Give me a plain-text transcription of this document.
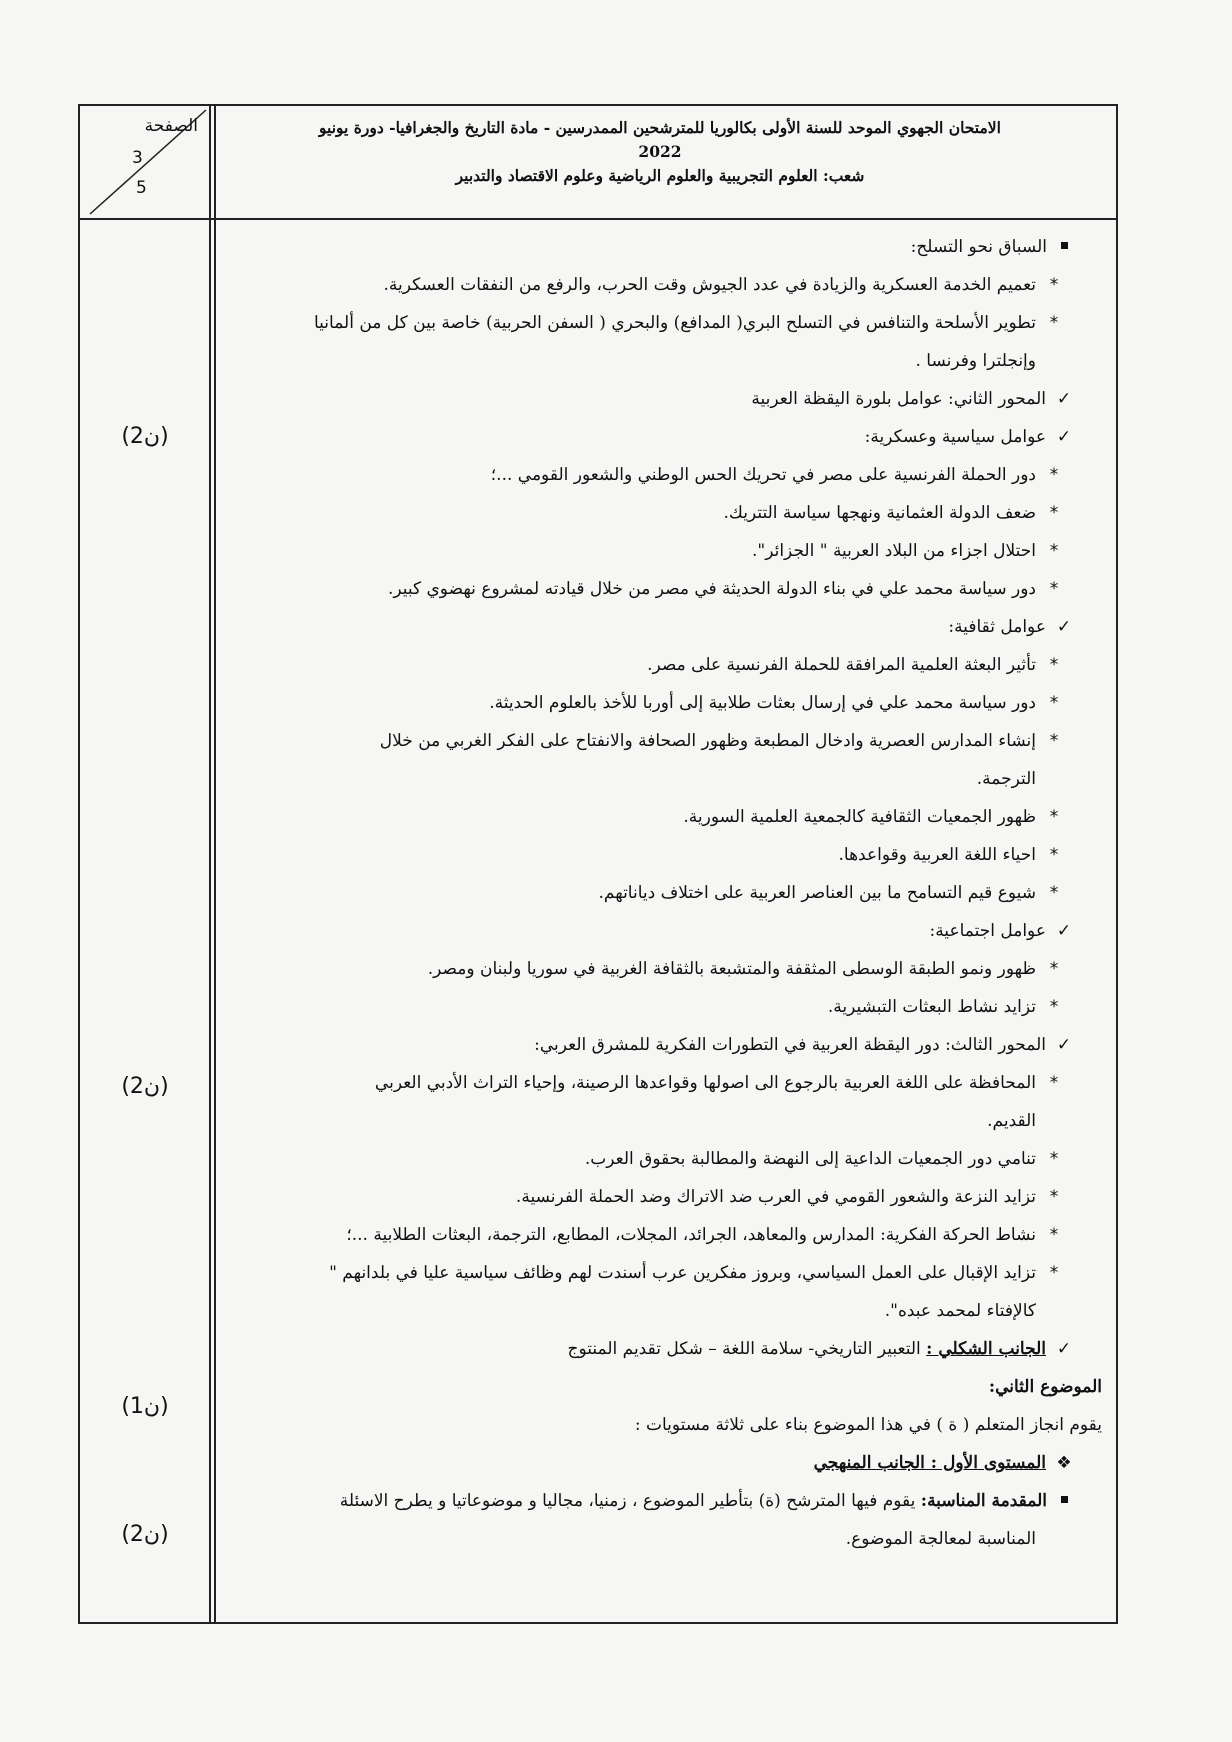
الصفحة
3
5
الامتحان الجهوي الموحد للسنة الأولى بكالوريا للمترشحين الممدرسين - مادة التاريخ والجغرافيا- دورة يونيو
2022
شعب: العلوم التجريبية والعلوم الرياضية وعلوم الاقتصاد والتدبير
(ن2)
(ن2)
(ن1)
(ن2)
السباق نحو التسلح:
*تعميم الخدمة العسكرية والزيادة في عدد الجيوش وقت الحرب، والرفع من النفقات العسكرية.
*تطوير الأسلحة والتنافس في التسلح البري( المدافع) والبحري ( السفن الحربية) خاصة بين كل من ألمانيا
وإنجلترا وفرنسا .
✓المحور الثاني: عوامل بلورة اليقظة العربية
✓عوامل سياسية وعسكرية:
*دور الحملة الفرنسية على مصر في تحريك الحس الوطني والشعور القومي ...؛
*ضعف الدولة العثمانية ونهجها سياسة التتريك.
*احتلال اجزاء من البلاد العربية " الجزائر".
*دور سياسة محمد علي في بناء الدولة الحديثة في مصر من خلال قيادته لمشروع نهضوي كبير.
✓عوامل ثقافية:
*تأثير البعثة العلمية المرافقة للحملة الفرنسية على مصر.
*دور سياسة محمد علي في إرسال بعثات طلابية إلى أوربا للأخذ بالعلوم الحديثة.
*إنشاء المدارس العصرية وادخال المطبعة وظهور الصحافة والانفتاح على الفكر الغربي من خلال
الترجمة.
*ظهور الجمعيات الثقافية كالجمعية العلمية السورية.
*احياء اللغة العربية وقواعدها.
*شيوع قيم التسامح ما بين العناصر العربية على اختلاف دياناتهم.
✓عوامل اجتماعية:
*ظهور ونمو الطبقة الوسطى المثقفة والمتشبعة بالثقافة الغربية في سوريا ولبنان ومصر.
*تزايد نشاط البعثات التبشيرية.
✓المحور الثالث: دور اليقظة العربية في التطورات الفكرية للمشرق العربي:
*المحافظة على اللغة العربية بالرجوع الى اصولها وقواعدها الرصينة، وإحياء التراث الأدبي العربي
القديم.
*تنامي دور الجمعيات الداعية إلى النهضة والمطالبة بحقوق العرب.
*تزايد النزعة والشعور القومي في العرب ضد الاتراك وضد الحملة الفرنسية.
*نشاط الحركة الفكرية: المدارس والمعاهد، الجرائد، المجلات، المطابع، الترجمة، البعثات الطلابية ...؛
*تزايد الإقبال على العمل السياسي، وبروز مفكرين عرب أسندت لهم وظائف سياسية عليا في بلدانهم "
كالإفتاء لمحمد عبده".
✓الجانب الشكلي : التعبير التاريخي- سلامة اللغة – شكل تقديم المنتوج
الموضوع الثاني:
يقوم انجاز المتعلم ( ة ) في هذا الموضوع بناء على ثلاثة مستويات :
❖المستوى الأول : الجانب المنهجي
المقدمة المناسبة: يقوم فيها المترشح (ة) بتأطير الموضوع ، زمنيا، مجاليا و موضوعاتيا و يطرح الاسئلة
المناسبة لمعالجة الموضوع.
